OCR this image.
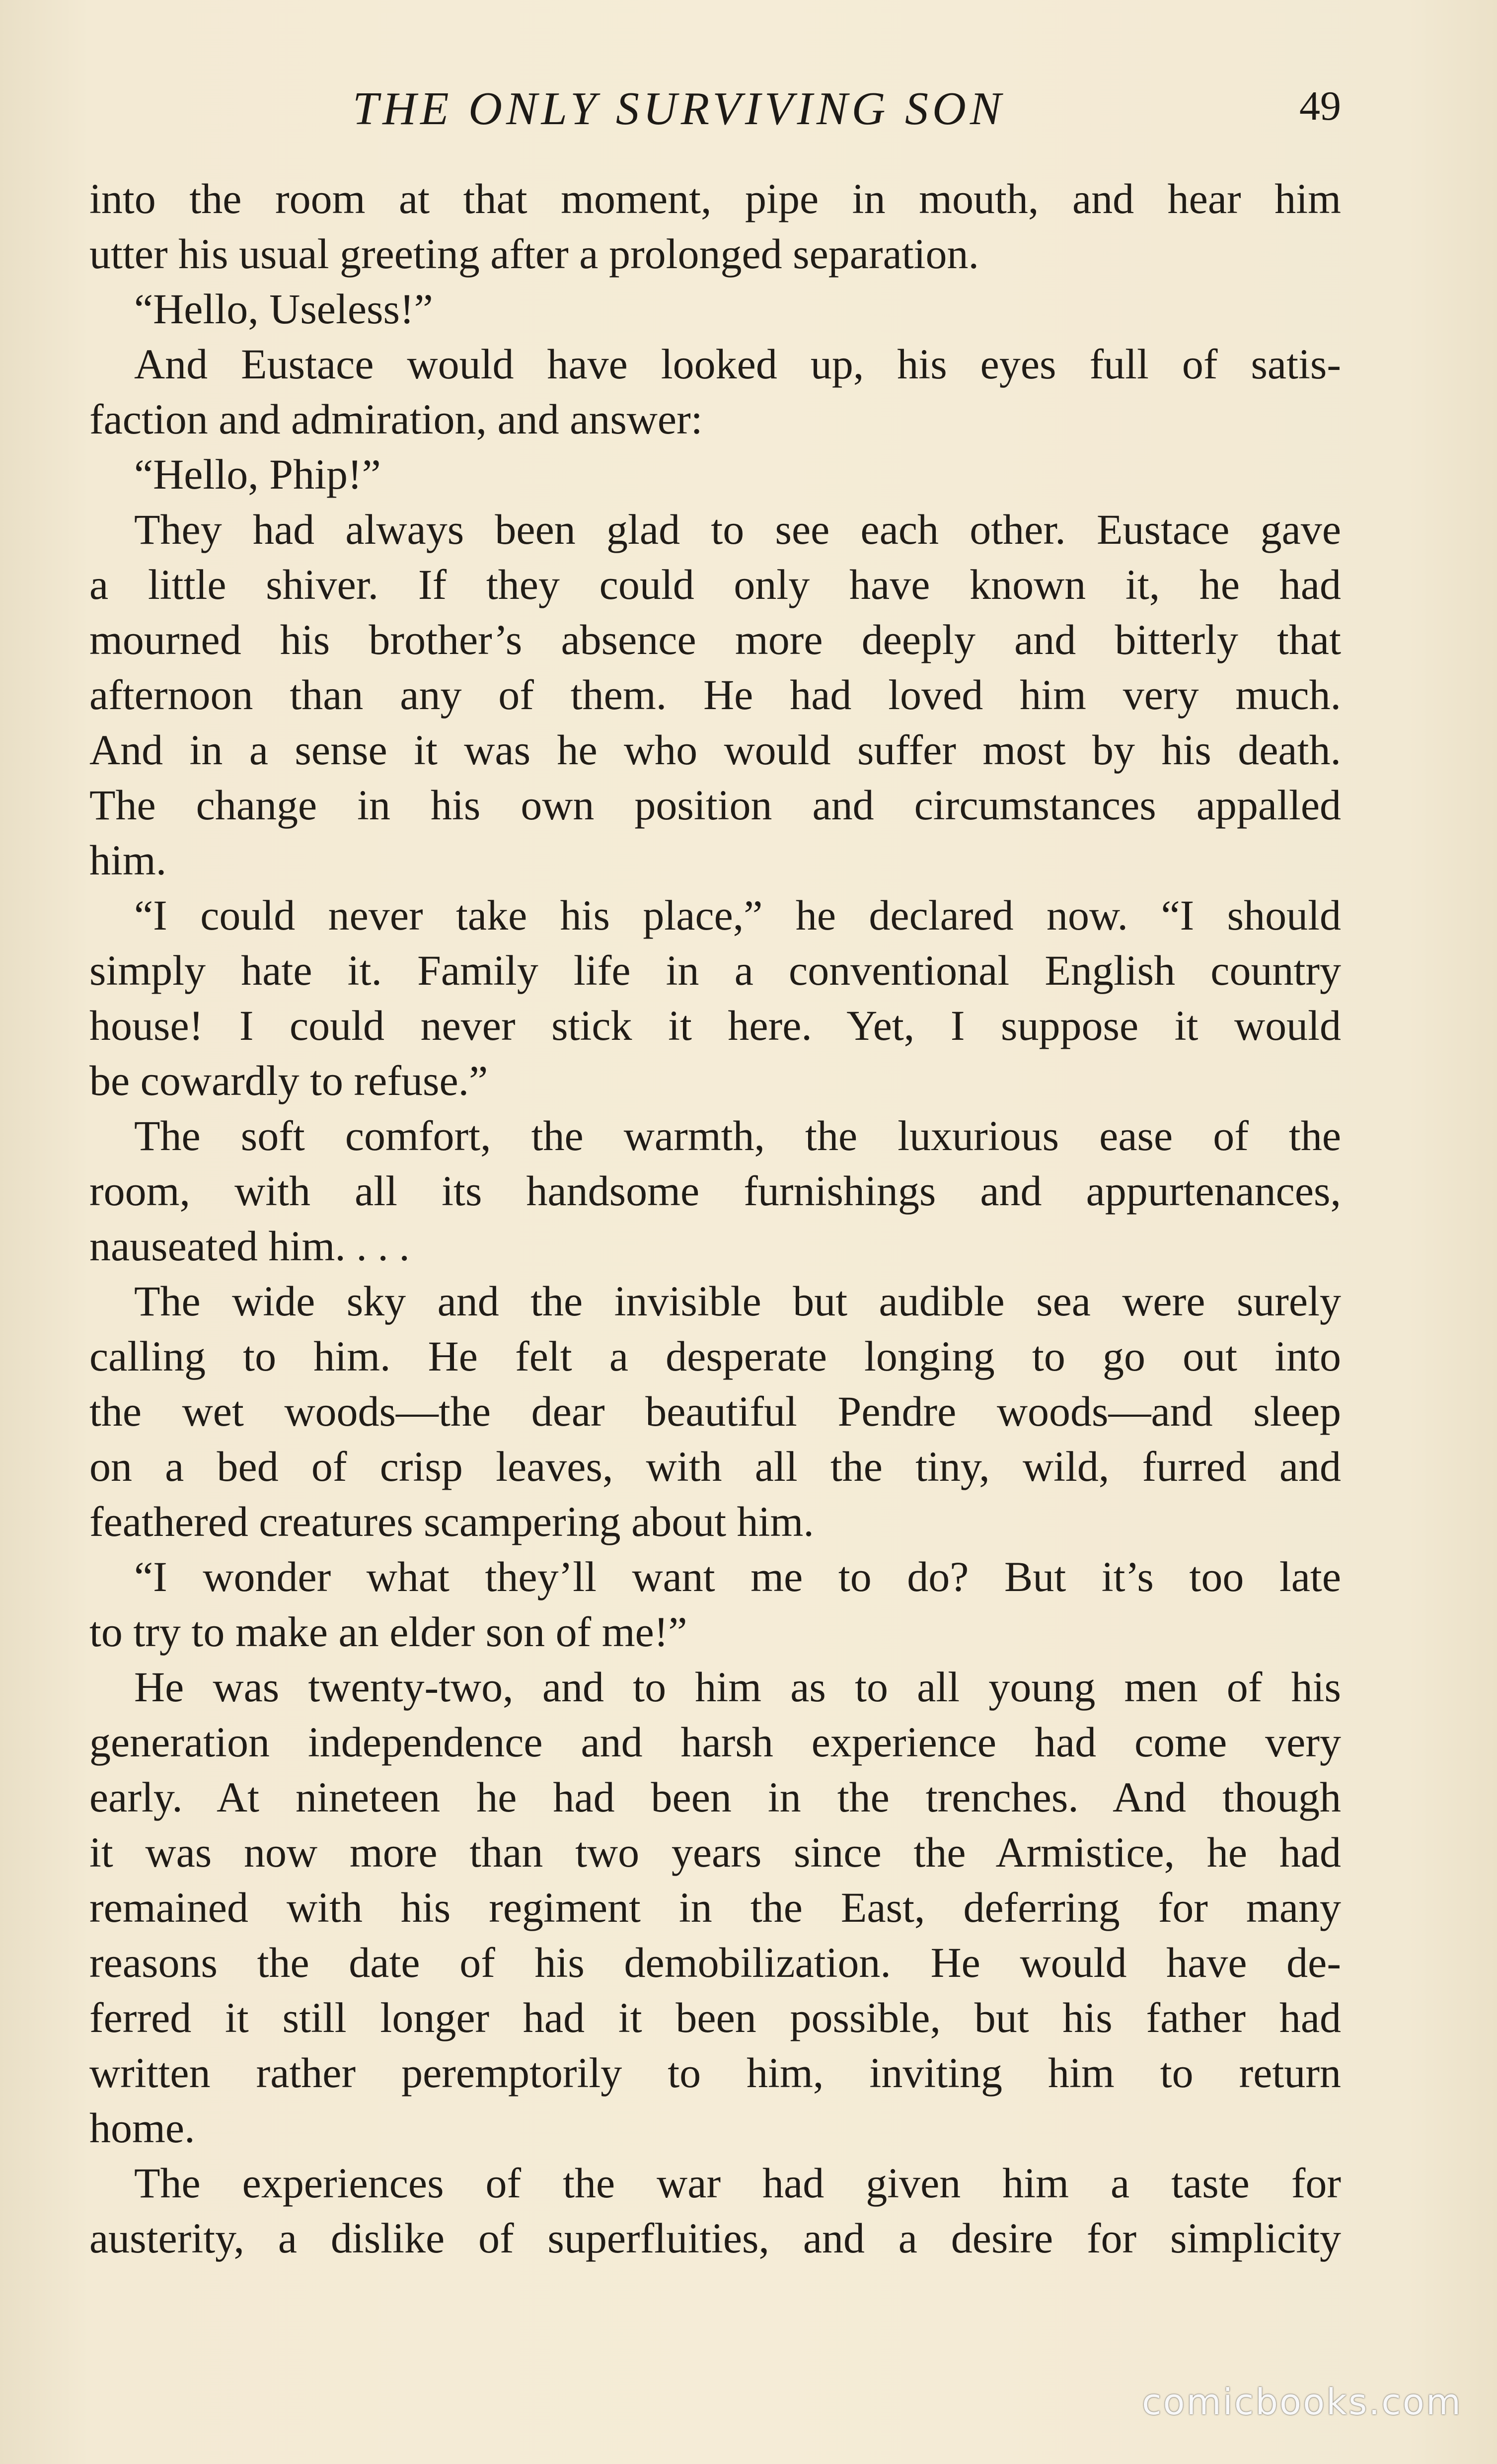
THE ONLY SURVIVING SON	49
into the room at that moment, pipe in mouth, and hear him
utter his usual greeting after a prolonged separation.
“Hello, Useless!”
And Eustace would have looked up, his eyes full of satis-
faction and admiration, and answer:
“Hello, Phip!”
They had always been glad to see each other. Eustace gave
a little shiver. If they could only have known it, he had
mourned his brother’s absence more deeply and bitterly that
afternoon than any of them. He had loved him very much.
And in a sense it was he who would suffer most by his death.
The change in his own position and circumstances appalled
him.
“I could never take his place,” he declared now. “I should
simply hate it. Family life in a conventional English country
house! I could never stick it here. Yet, I suppose it would
be cowardly to refuse.”
The soft comfort, the warmth, the luxurious ease of the
room, with all its handsome furnishings and appurtenances,
nauseated him. . . .
The wide sky and the invisible but audible sea were surely
calling to him. He felt a desperate longing to go out into
the wet woods—the dear beautiful Pendre woods—and sleep
on a bed of crisp leaves, with all the tiny, wild, furred and
feathered creatures scampering about him.
“I wonder what they’ll want me to do? But it’s too late
to try to make an elder son of me!”
He was twenty-two, and to him as to all young men of his
generation independence and harsh experience had come very
early. At nineteen he had been in the trenches. And though
it was now more than two years since the Armistice, he had
remained with his regiment in the East, deferring for many
reasons the date of his demobilization. He would have de-
ferred it still longer had it been possible, but his father had
written rather peremptorily to him, inviting him to return
home.
The experiences of the war had given him a taste for
austerity, a dislike of superfluities, and a desire for simplicity
comicbooks.com
